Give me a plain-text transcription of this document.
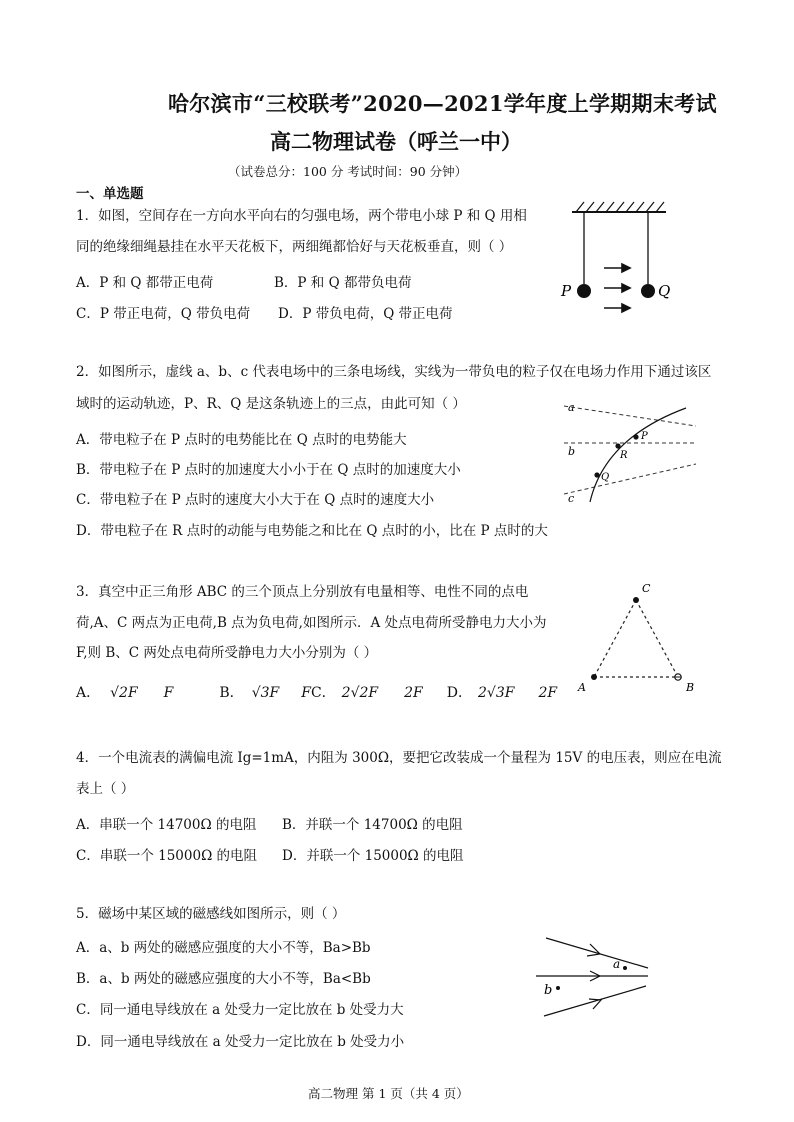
哈尔滨市“三校联考”2020—2021学年度上学期期末考试
高二物理试卷（呼兰一中）
（试卷总分：100 分 考试时间：90 分钟）
一、单选题
1．如图，空间存在一方向水平向右的匀强电场，两个带电小球 P 和 Q 用相
同的绝缘细绳悬挂在水平天花板下，两细绳都恰好与天花板垂直，则（ ）
A．P 和 Q 都带正电荷	B．P 和 Q 都带负电荷
C．P 带正电荷，Q 带负电荷 D．P 带负电荷，Q 带正电荷
P	Q
2．如图所示，虚线 a、b、c 代表电场中的三条电场线，实线为一带负电的粒子仅在电场力作用下通过该区
域时的运动轨迹，P、R、Q 是这条轨迹上的三点，由此可知（ ）
A．带电粒子在 P 点时的电势能比在 Q 点时的电势能大
B．带电粒子在 P 点时的加速度大小小于在 Q 点时的加速度大小
C．带电粒子在 P 点时的速度大小大于在 Q 点时的速度大小
D．带电粒子在 R 点时的动能与电势能之和比在 Q 点时的小，比在 P 点时的大
a
b
c
P
R
Q
3．真空中正三角形 ABC 的三个顶点上分别放有电量相等、电性不同的点电
荷,A、C 两点为正电荷,B 点为负电荷,如图所示．A 处点电荷所受静电力大小为
F,则 B、C 两处点电荷所受静电力大小分别为（ ）
A． √2F F	B． √3F FC． 2√2F 2F D． 2√3F 2F
C
A	B
4．一个电流表的满偏电流 Ig=1mA，内阻为 300Ω，要把它改装成一个量程为 15V 的电压表，则应在电流
表上（ ）
A．串联一个 14700Ω 的电阻 B．并联一个 14700Ω 的电阻
C．串联一个 15000Ω 的电阻 D．并联一个 15000Ω 的电阻
5．磁场中某区域的磁感线如图所示，则（ ）
A．a、b 两处的磁感应强度的大小不等，Ba>Bb
B．a、b 两处的磁感应强度的大小不等，Ba<Bb
C．同一通电导线放在 a 处受力一定比放在 b 处受力大
D．同一通电导线放在 a 处受力一定比放在 b 处受力小
a
b
高二物理 第 1 页（共 4 页）
